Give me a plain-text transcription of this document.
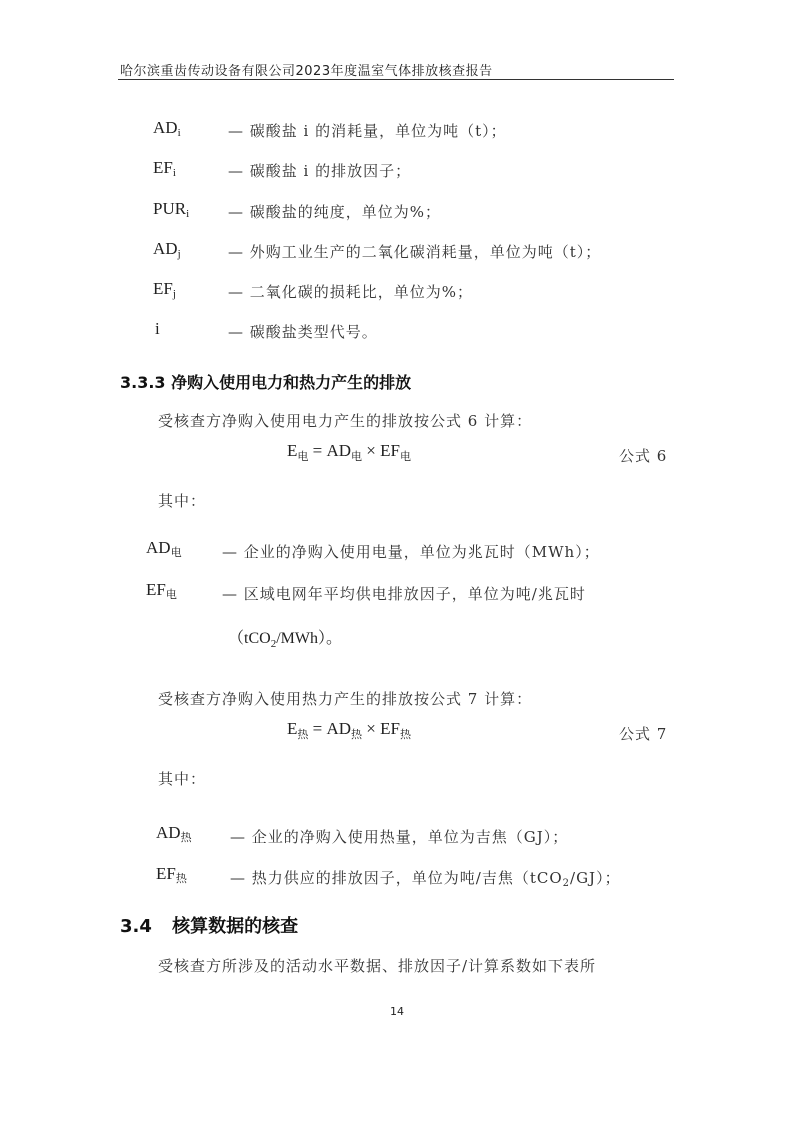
哈尔滨重齿传动设备有限公司2023年度温室气体排放核查报告
$AD_i$	— 碳酸盐 i 的消耗量，单位为吨（t）；
$EF_i$	— 碳酸盐 i 的排放因子；
$PUR_i$	— 碳酸盐的纯度，单位为%；
$AD_j$	— 外购工业生产的二氧化碳消耗量，单位为吨（t）；
$EF_j$	— 二氧化碳的损耗比，单位为%；
i	— 碳酸盐类型代号。
3.3.3 净购入使用电力和热力产生的排放
受核查方净购入使用电力产生的排放按公式 6 计算：
$E_电 = AD_电 \times EF_电$	公式 6
其中：
$AD_电$	— 企业的净购入使用电量，单位为兆瓦时（MWh）；
$EF_电$	— 区域电网年平均供电排放因子，单位为吨/兆瓦时
（tCO$_2$/MWh）。
受核查方净购入使用热力产生的排放按公式 7 计算：
$E_热 = AD_热 \times EF_热$	公式 7
其中：
$AD_热$	— 企业的净购入使用热量，单位为吉焦（GJ）；
$EF_热$	— 热力供应的排放因子，单位为吨/吉焦（tCO$_2$/GJ）；
3.4 核算数据的核查
受核查方所涉及的活动水平数据、排放因子/计算系数如下表所
14
